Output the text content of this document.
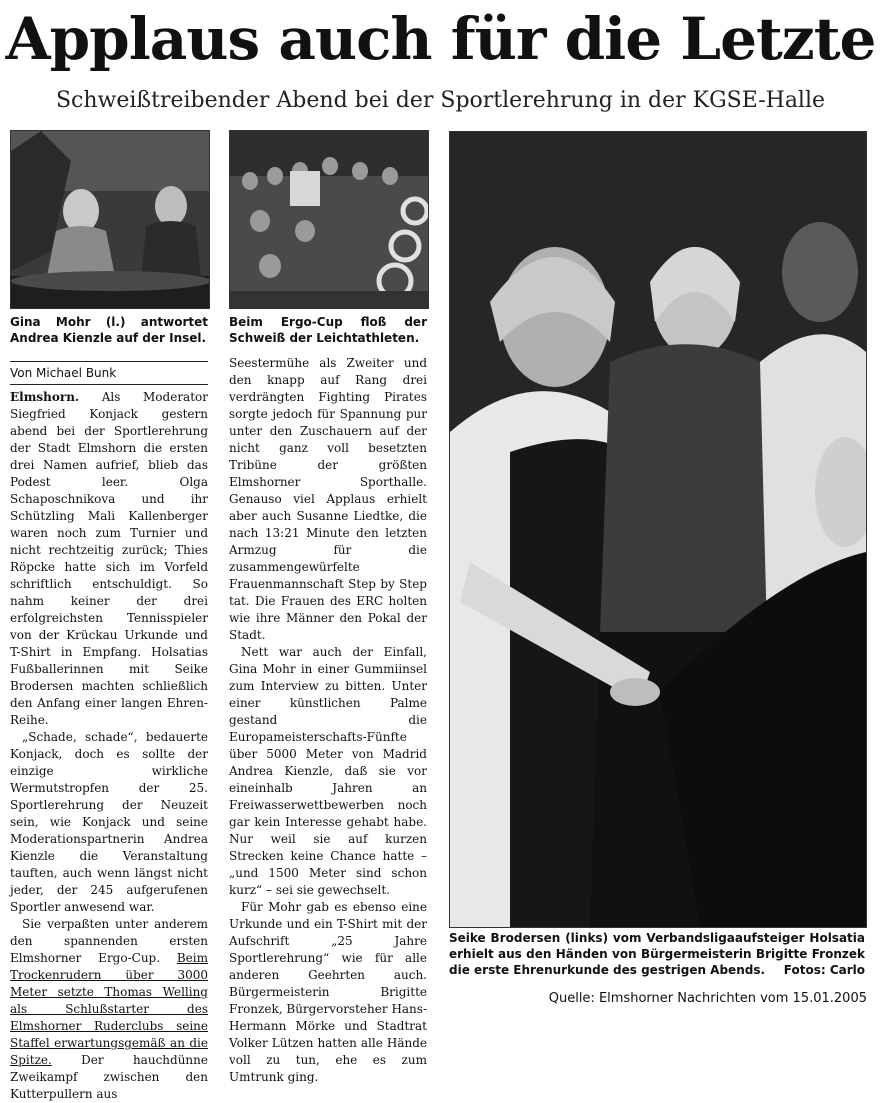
Applaus auch für die Letzte
Schweißtreibender Abend bei der Sportlerehrung in der KGSE-Halle
Gina Mohr (l.) antwortet Andrea Kienzle auf der Insel.
Beim Ergo-Cup floß der Schweiß der Leichtathleten.
Seike Brodersen (links) vom Verbandsligaaufsteiger Holsatia erhielt aus den Händen von Bürgermeisterin Brigitte Fronzek die erste Ehrenurkunde des gestrigen Abends. Fotos: Carlo
Von Michael Bunk

Elmshorn. Als Moderator Siegfried Konjack gestern abend bei der Sportlerehrung der Stadt Elmshorn die ersten drei Namen aufrief, blieb das Podest leer. Olga Schaposchnikova und ihr Schützling Mali Kallenberger waren noch zum Turnier und nicht rechtzeitig zurück; Thies Röpcke hatte sich im Vorfeld schriftlich entschuldigt. So nahm keiner der drei erfolgreichsten Tennisspieler von der Krückau Urkunde und T-Shirt in Empfang. Holsatias Fußballerinnen mit Seike Brodersen machten schließlich den Anfang einer langen Ehren-Reihe.

„Schade, schade“, bedauerte Konjack, doch es sollte der einzige wirkliche Wermutstropfen der 25. Sportlerehrung der Neuzeit sein, wie Konjack und seine Moderationspartnerin Andrea Kienzle die Veranstaltung tauften, auch wenn längst nicht jeder, der 245 aufgerufenen Sportler anwesend war.

Sie verpaßten unter anderem den spannenden ersten Elmshorner Ergo-Cup. Beim Trockenrudern über 3000 Meter setzte Thomas Welling als Schlußstarter des Elmshorner Ruderclubs seine Staffel erwartungsgemäß an die Spitze. Der hauchdünne Zweikampf zwischen den Kutterpullern aus

Seestermühe als Zweiter und den knapp auf Rang drei verdrängten Fighting Pirates sorgte jedoch für Spannung pur unter den Zuschauern auf der nicht ganz voll besetzten Tribüne der größten Elmshorner Sporthalle. Genauso viel Applaus erhielt aber auch Susanne Liedtke, die nach 13:21 Minute den letzten Armzug für die zusammengewürfelte Frauenmannschaft Step by Step tat. Die Frauen des ERC holten wie ihre Männer den Pokal der Stadt.

Nett war auch der Einfall, Gina Mohr in einer Gummiinsel zum Interview zu bitten. Unter einer künstlichen Palme gestand die Europameisterschafts-Fünfte über 5000 Meter von Madrid Andrea Kienzle, daß sie vor eineinhalb Jahren an Freiwasserwettbewerben noch gar kein Interesse gehabt habe. Nur weil sie auf kurzen Strecken keine Chance hatte – „und 1500 Meter sind schon kurz“ – sei sie gewechselt.

Für Mohr gab es ebenso eine Urkunde und ein T-Shirt mit der Aufschrift „25 Jahre Sportlerehrung“ wie für alle anderen Geehrten auch. Bürgermeisterin Brigitte Fronzek, Bürgervorsteher Hans-Hermann Mörke und Stadtrat Volker Lützen hatten alle Hände voll zu tun, ehe es zum Umtrunk ging.

Quelle: Elmshorner Nachrichten vom 15.01.2005
